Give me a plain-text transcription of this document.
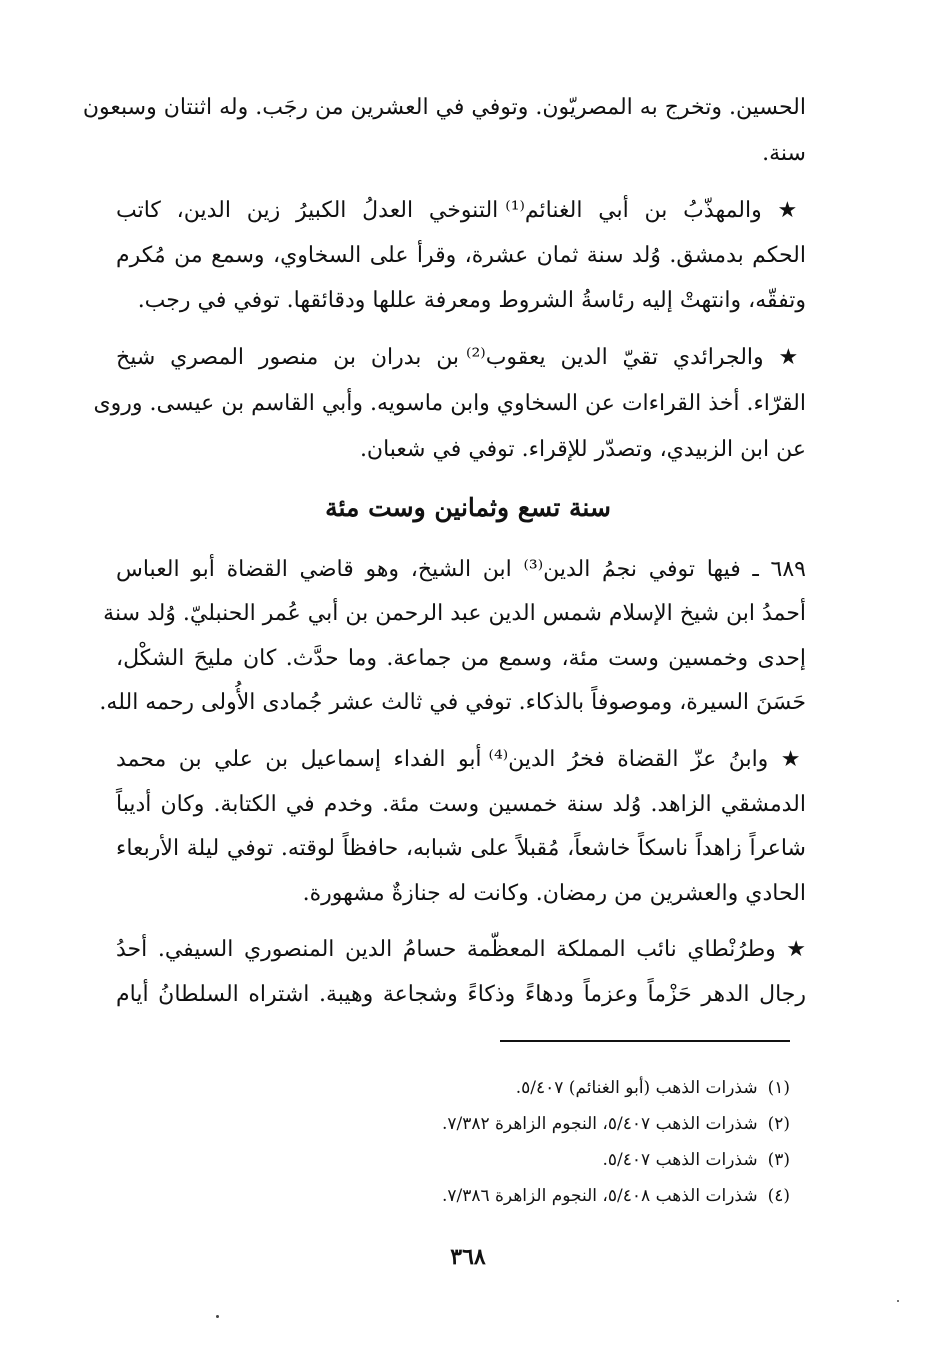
الحسين. وتخرج به المصريّون. وتوفي في العشرين من رجَب. وله اثنتان وسبعون
سنة.
★ والمهذّبُ بن أبي الغنائم⁽¹⁾ التنوخي العدلُ الكبيرُ زين الدين، كاتب
الحكم بدمشق. وُلد سنة ثمان عشرة، وقرأ على السخاوي، وسمع من مُكرم
وتفقّه، وانتهتْ إليه رئاسةُ الشروط ومعرفة عللها ودقائقها. توفي في رجب.
★ والجرائدي تقيّ الدين يعقوب⁽²⁾ بن بدران بن منصور المصري شيخ
القرّاء. أخذ القراءات عن السخاوي وابن ماسويه. وأبي القاسم بن عيسى. وروى
عن ابن الزبيدي، وتصدّر للإقراء. توفي في شعبان.
سنة تسع وثمانين وست مئة
٦٨٩ ـ فيها توفي نجمُ الدين⁽³⁾ ابن الشيخ، وهو قاضي القضاة أبو العباس
أحمدُ ابن شيخ الإسلام شمس الدين عبد الرحمن بن أبي عُمر الحنبليّ. وُلد سنة
إحدى وخمسين وست مئة، وسمع من جماعة. وما حدَّث. كان مليحَ الشكْل،
حَسَنَ السيرة، وموصوفاً بالذكاء. توفي في ثالث عشر جُمادى الأُولى رحمه الله.
★ وابنُ عزّ القضاة فخرُ الدين⁽⁴⁾ أبو الفداء إسماعيل بن علي بن محمد
الدمشقي الزاهد. وُلد سنة خمسين وست مئة. وخدم في الكتابة. وكان أديباً
شاعراً زاهداً ناسكاً خاشعاً، مُقبلاً على شبابه، حافظاً لوقته. توفي ليلة الأربعاء
الحادي والعشرين من رمضان. وكانت له جنازةٌ مشهورة.
★ وطرُنْطاي نائب المملكة المعظّمة حسامُ الدين المنصوري السيفي. أحدُ
رجال الدهر حَزْماً وعزماً ودهاءً وذكاءً وشجاعة وهيبة. اشتراه السلطانُ أيام
(١)شذرات الذهب (أبو الغنائم) ٥/٤٠٧.
(٢)شذرات الذهب ٥/٤٠٧، النجوم الزاهرة ٧/٣٨٢.
(٣)شذرات الذهب ٥/٤٠٧.
(٤)شذرات الذهب ٥/٤٠٨، النجوم الزاهرة ٧/٣٨٦.
٣٦٨
